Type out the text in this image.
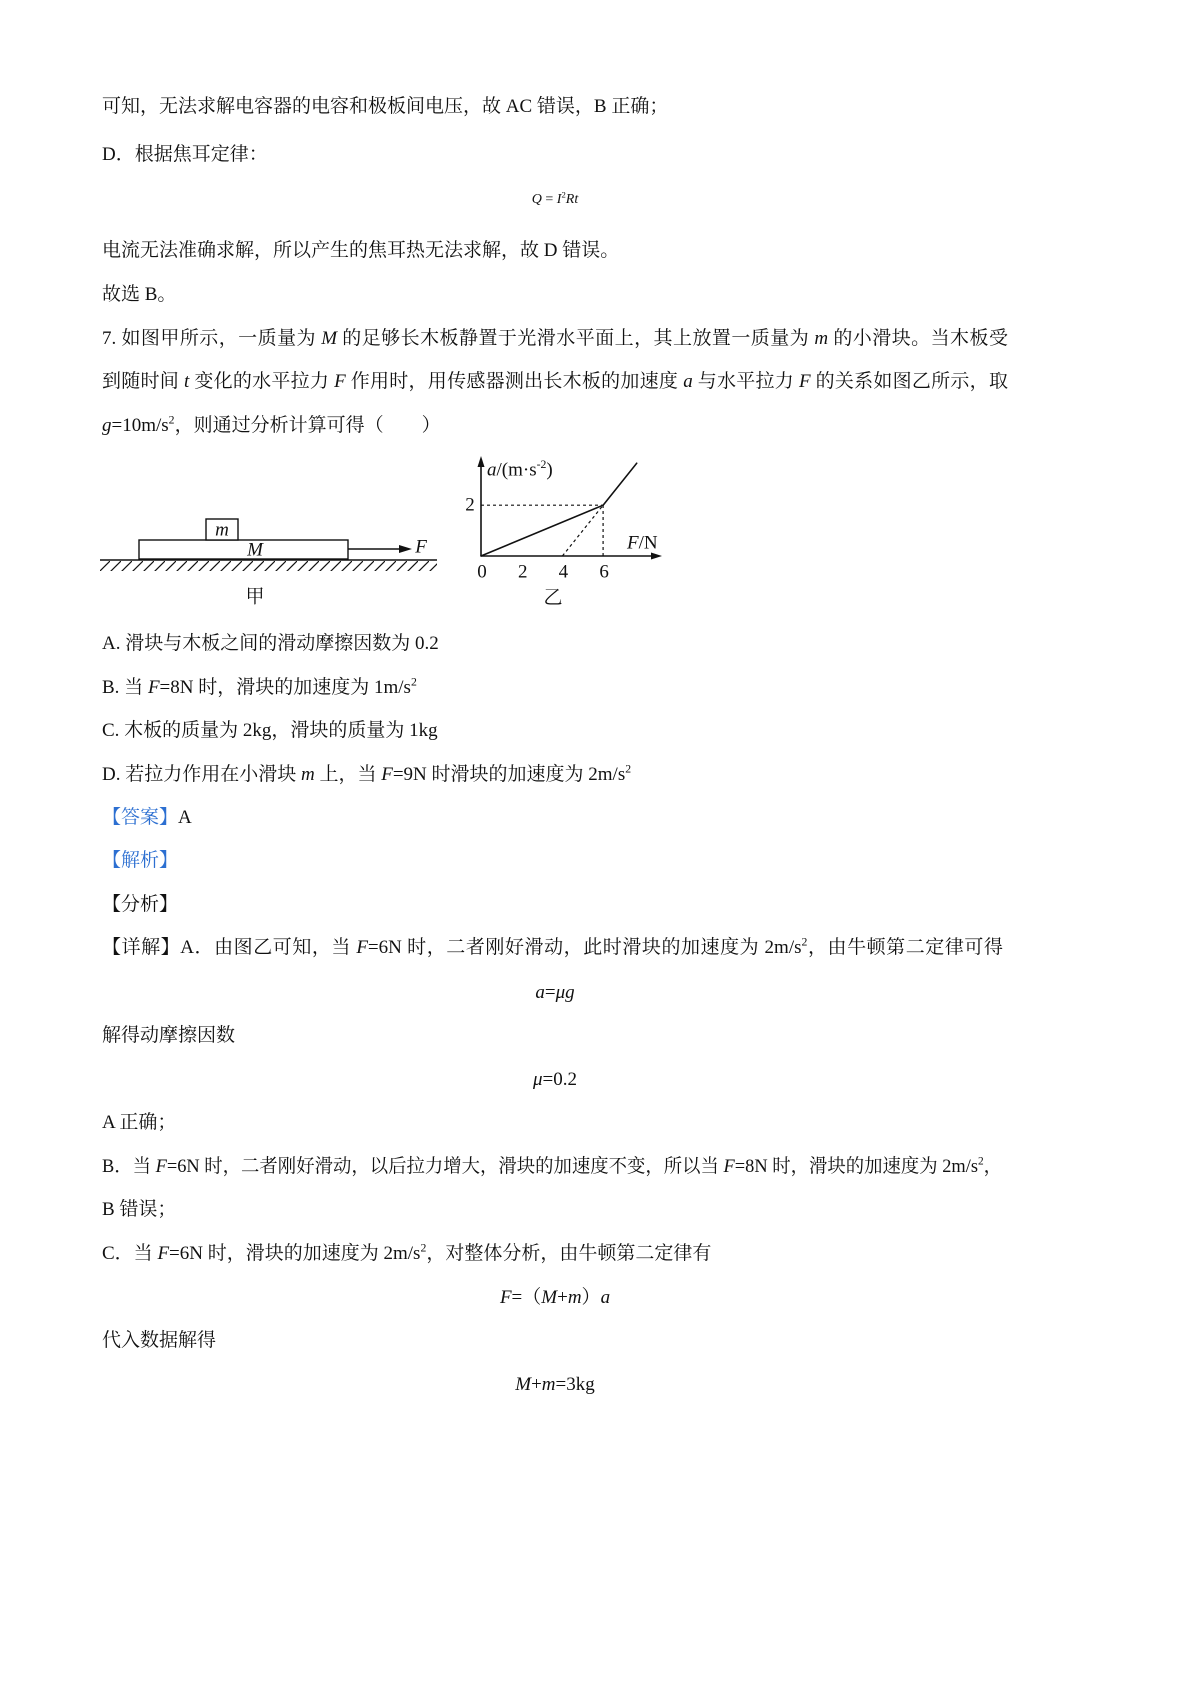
可知，无法求解电容器的电容和极板间电压，故 AC 错误，B 正确；
D．根据焦耳定律：
$Q = I^2Rt$
电流无法准确求解，所以产生的焦耳热无法求解，故 D 错误。
故选 B。
7. 如图甲所示，一质量为 M 的足够长木板静置于光滑水平面上，其上放置一质量为 m 的小滑块。当木板受
到随时间 t 变化的水平拉力 F 作用时，用传感器测出长木板的加速度 a 与水平拉力 F 的关系如图乙所示，取
$g=10m/s^2$，则通过分析计算可得（　　）
m
M	F
甲
$a/(m\cdot s^{-2})$
F/N
乙
0 2 4 6
2
A. 滑块与木板之间的滑动摩擦因数为 0.2
B. 当 F=8N 时，滑块的加速度为 $1m/s^2$
C. 木板的质量为 2kg，滑块的质量为 1kg
D. 若拉力作用在小滑块 m 上，当 F=9N 时滑块的加速度为 $2m/s^2$
【答案】A
【解析】
【分析】
【详解】A．由图乙可知，当 F=6N 时，二者刚好滑动，此时滑块的加速度为 $2m/s^2$，由牛顿第二定律可得
a=μg
解得动摩擦因数
μ=0.2
A 正确；
B．当 F=6N 时，二者刚好滑动，以后拉力增大，滑块的加速度不变，所以当 F=8N 时，滑块的加速度为 $2m/s^2$，
B 错误；
C．当 F=6N 时，滑块的加速度为 $2m/s^2$，对整体分析，由牛顿第二定律有
F=（M+m）a
代入数据解得
M+m=3kg
